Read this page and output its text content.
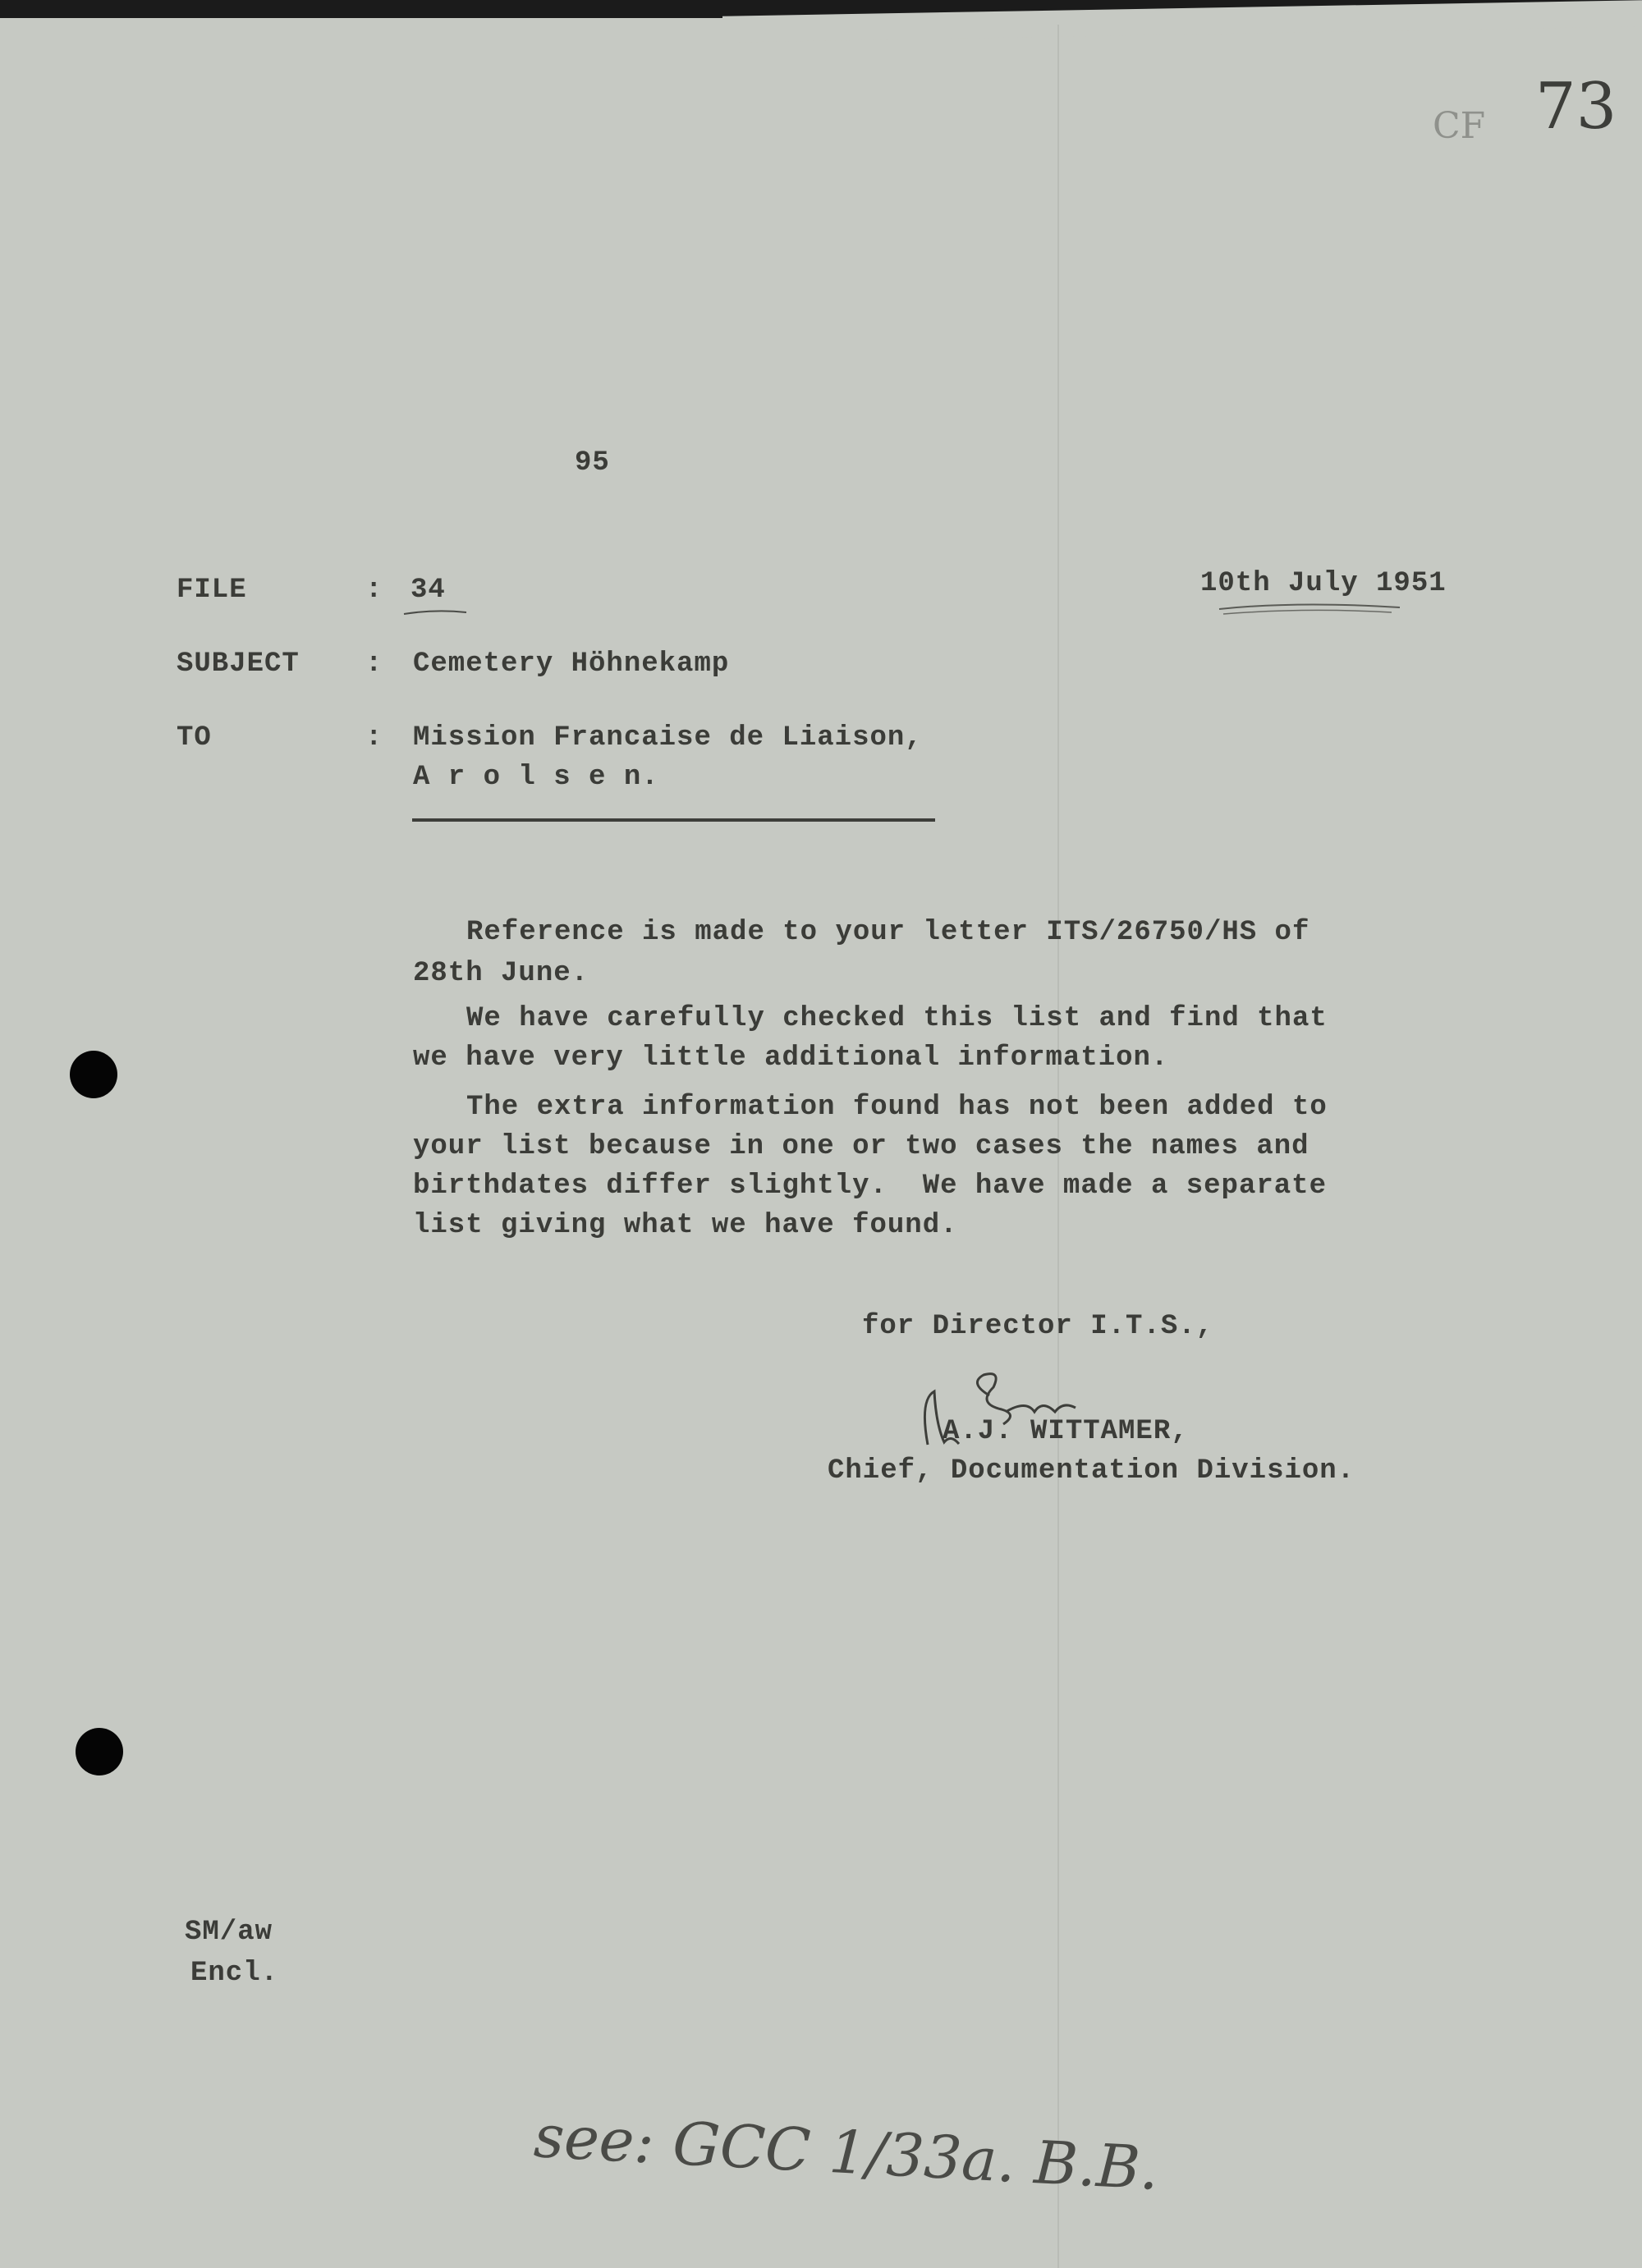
CF 73
95
FILE	: 34	10th July 1951
SUBJECT : Cemetery Höhnekamp
TO	: Mission Francaise de Liaison,
A r o l s e n.
Reference is made to your letter ITS/26750/HS of
28th June.
We have carefully checked this list and find that
we have very little additional information.
The extra information found has not been added to
your list because in one or two cases the names and
birthdates differ slightly.  We have made a separate
list giving what we have found.
for Director I.T.S.,
A.J. WITTAMER,
Chief, Documentation Division.
SM/aw
Encl.
see: GCC 1/33a. B.B.
